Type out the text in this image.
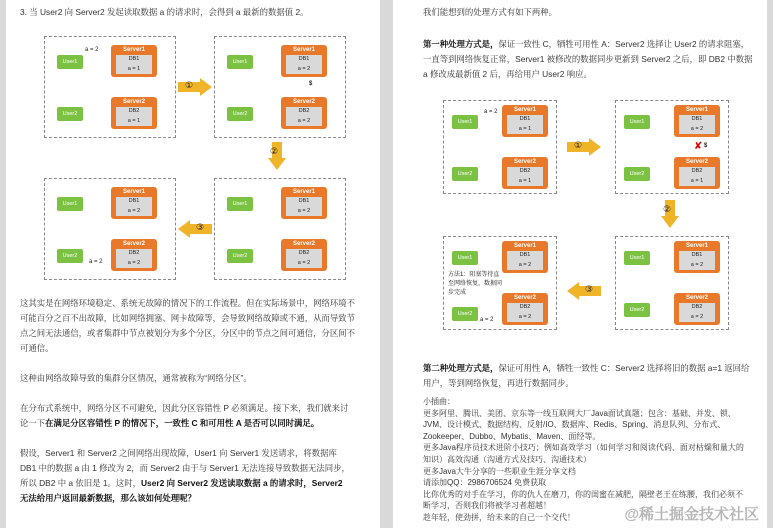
3. 当 User2 向 Server2 发起读取数据 a 的请求时，会得到 a 最新的数据值 2。
User1
User2
a = 2	Server1
DB1
a = 1
Server2
DB2
a = 1
①
User1
User2
Server1
DB1
a = 2
$
Server2
DB2
a = 2
②
User1
User2
Server1
DB1
a = 2
Server2
DB2
a = 2
③
User1
User2
a = 2
Server1
DB1
a = 2
Server2
DB2
a = 2
这其实是在网络环境稳定、系统无故障的情况下的工作流程。但在实际场景中，网络环境不
可能百分之百不出故障，比如网络拥塞、网卡故障等，会导致网络故障或不通，从而导致节
点之间无法通信，或者集群中节点被划分为多个分区，分区中的节点之间可通信，分区间不
可通信。
这种由网络故障导致的集群分区情况，通常被称为“网络分区”。
在分布式系统中，网络分区不可避免，因此分区容错性 P 必须满足。接下来，我们就来讨
论一下在满足分区容错性 P 的情况下，一致性 C 和可用性 A 是否可以同时满足。
假设，Server1 和 Server2 之间网络出现故障，User1 向 Server1 发送请求，将数据库
DB1 中的数据 a 由 1 修改为 2，而 Server2 由于与 Server1 无法连接导致数据无法同步，
所以 DB2 中 a 依旧是 1。这时，User2 向 Server2 发送读取数据 a 的请求时，Server2
无法给用户返回最新数据，那么该如何处理呢？
我们能想到的处理方式有如下两种。
第一种处理方式是，保证一致性 C，牺牲可用性 A：Server2 选择让 User2 的请求阻塞，
一直等到网络恢复正常，Server1 被修改的数据同步更新到 Server2 之后，即 DB2 中数据
a 修改成最新值 2 后，再给用户 User2 响应。
User1
User2
a = 2	Server1
DB1
a = 1
Server2
DB2
a = 1
①
User1
User2
Server1
DB1
a = 2
✘ $
Server2
DB2
a = 1
②
User1
User2
Server1
DB1
a = 2
Server2
DB2
a = 2
③
User1
方法1：阻塞等待直
至网络恢复，数据同
步完成
User2
a = 2
Server1
DB1
a = 2
Server2
DB2
a = 2
第二种处理方式是，保证可用性 A，牺牲一致性 C：Server2 选择将旧的数据 a=1 返回给
用户，等到网络恢复，再进行数据同步。
小插曲：
更多阿里、腾讯、美团、京东等一线互联网大厂Java面试真题；包含：基础、并发、锁、
JVM、设计模式、数据结构、反射/IO、数据库、Redis、Spring、消息队列、分布式、
Zookeeper、Dubbo、Mybatis、Maven、面经等。
更多Java程序员技术进阶小技巧；例如高效学习（如何学习和阅读代码、面对枯燥和量大的
知识）高效沟通（沟通方式及技巧、沟通技术）
更多Java大牛分享的一些职业生涯分享文档
请添加QQ：2986706524 免费获取
比你优秀的对手在学习，你的仇人在磨刀，你的闺蜜在减肥，隔壁老王在练腰，我们必须不
断学习，否则我们将被学习者超越！
趁年轻，使劲拼，给未来的自己一个交代！	@稀土掘金技术社区
